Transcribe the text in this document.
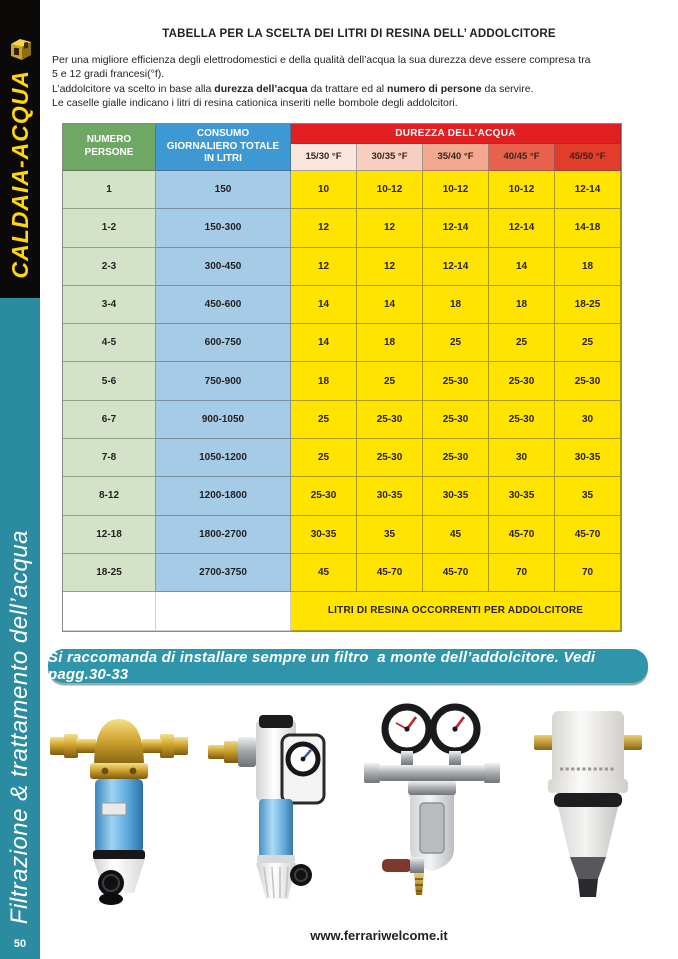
CALDAIA-ACQUA
Filtrazione & trattamento dell’acqua
50
TABELLA PER LA SCELTA DEI LITRI DI RESINA DELL’ ADDOLCITORE
Per una migliore efficienza degli elettrodomestici e della qualità dell’acqua la sua durezza deve essere compresa tra
5 e 12 gradi francesi(°f).
L’addolcitore va scelto in base alla durezza dell’acqua da trattare ed al numero di persone da servire.
Le caselle gialle indicano i litri di resina cationica inseriti nelle bombole degli addolcitori.
NUMERO PERSONE
CONSUMO GIORNALIERO TOTALE IN LITRI
DUREZZA DELL’ACQUA
15/30 °F	30/35 °F	35/40 °F	40/45 °F	45/50 °F
1	150	10	10-12	10-12	10-12	12-14
1-2	150-300	12	12	12-14	12-14	14-18
2-3	300-450	12	12	12-14	14	18
3-4	450-600	14	14	18	18	18-25
4-5	600-750	14	18	25	25	25
5-6	750-900	18	25	25-30	25-30	25-30
6-7	900-1050	25	25-30	25-30	25-30	30
7-8	1050-1200	25	25-30	25-30	30	30-35
8-12	1200-1800	25-30	30-35	30-35	30-35	35
12-18	1800-2700	30-35	35	45	45-70	45-70
18-25	2700-3750	45	45-70	45-70	70	70
LITRI DI RESINA OCCORRENTI PER ADDOLCITORE
Si raccomanda di installare sempre un filtro  a monte dell’addolcitore. Vedi pagg.30-33
www.ferrariwelcome.it
